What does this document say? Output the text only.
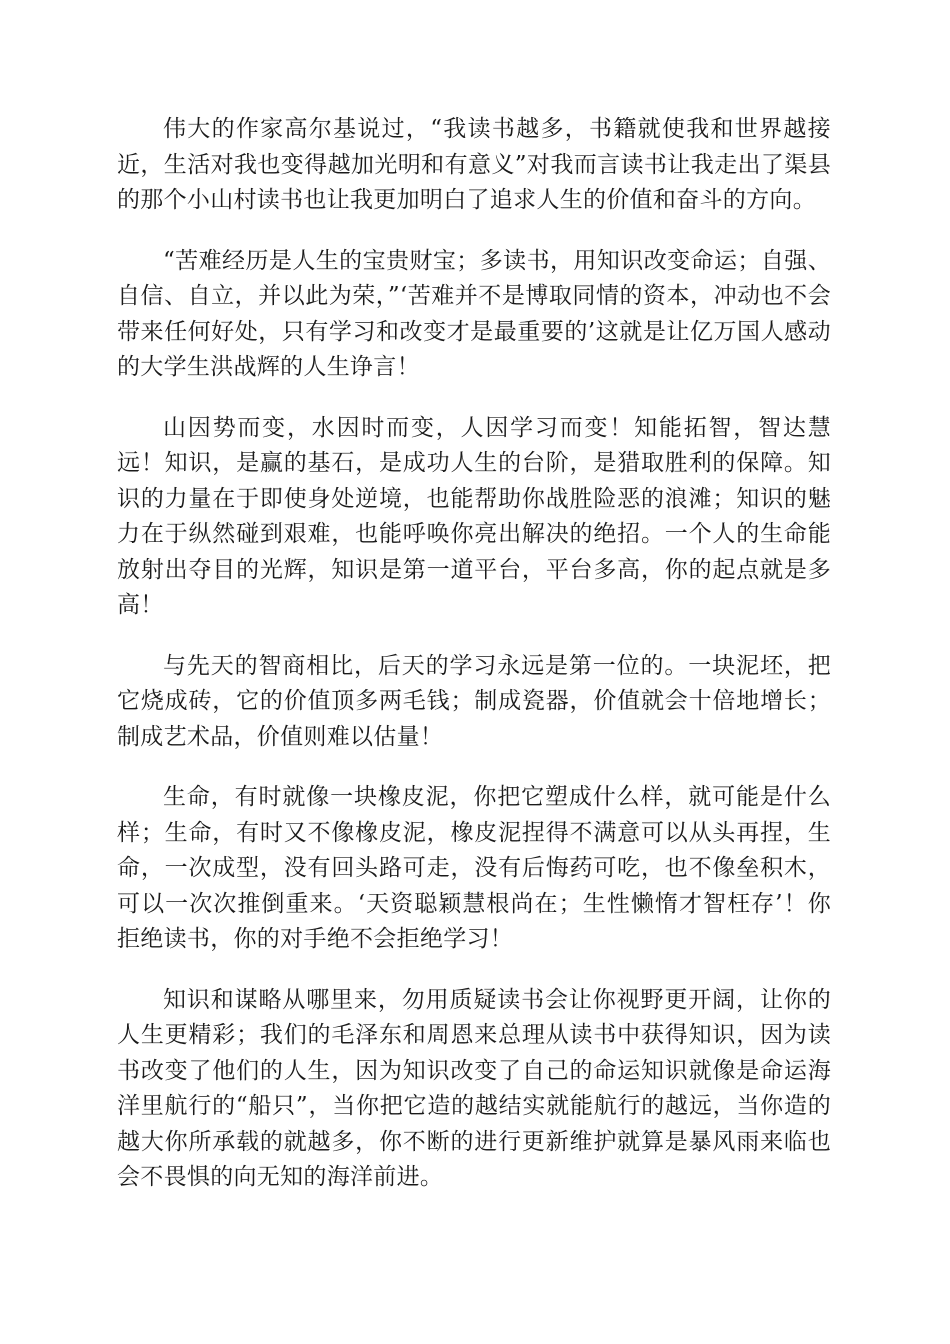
伟大的作家高尔基说过，“我读书越多，书籍就使我和世界越接近，生活对我也变得越加光明和有意义”对我而言读书让我走出了渠县的那个小山村读书也让我更加明白了追求人生的价值和奋斗的方向。

“苦难经历是人生的宝贵财宝；多读书，用知识改变命运；自强、自信、自立，并以此为荣，”‘苦难并不是博取同情的资本，冲动也不会带来任何好处，只有学习和改变才是最重要的’这就是让亿万国人感动的大学生洪战辉的人生诤言！

山因势而变，水因时而变，人因学习而变！知能拓智，智达慧远！知识，是赢的基石，是成功人生的台阶，是猎取胜利的保障。知识的力量在于即使身处逆境，也能帮助你战胜险恶的浪滩；知识的魅力在于纵然碰到艰难，也能呼唤你亮出解决的绝招。一个人的生命能放射出夺目的光辉，知识是第一道平台，平台多高，你的起点就是多高！

与先天的智商相比，后天的学习永远是第一位的。一块泥坯，把它烧成砖，它的价值顶多两毛钱；制成瓷器，价值就会十倍地增长；制成艺术品，价值则难以估量！

生命，有时就像一块橡皮泥，你把它塑成什么样，就可能是什么样；生命，有时又不像橡皮泥，橡皮泥捏得不满意可以从头再捏，生命，一次成型，没有回头路可走，没有后悔药可吃，也不像垒积木，可以一次次推倒重来。‘天资聪颖慧根尚在；生性懒惰才智枉存’！你拒绝读书，你的对手绝不会拒绝学习！

知识和谋略从哪里来，勿用质疑读书会让你视野更开阔，让你的人生更精彩；我们的毛泽东和周恩来总理从读书中获得知识，因为读书改变了他们的人生，因为知识改变了自己的命运知识就像是命运海洋里航行的“船只”，当你把它造的越结实就能航行的越远，当你造的越大你所承载的就越多，你不断的进行更新维护就算是暴风雨来临也会不畏惧的向无知的海洋前进。
